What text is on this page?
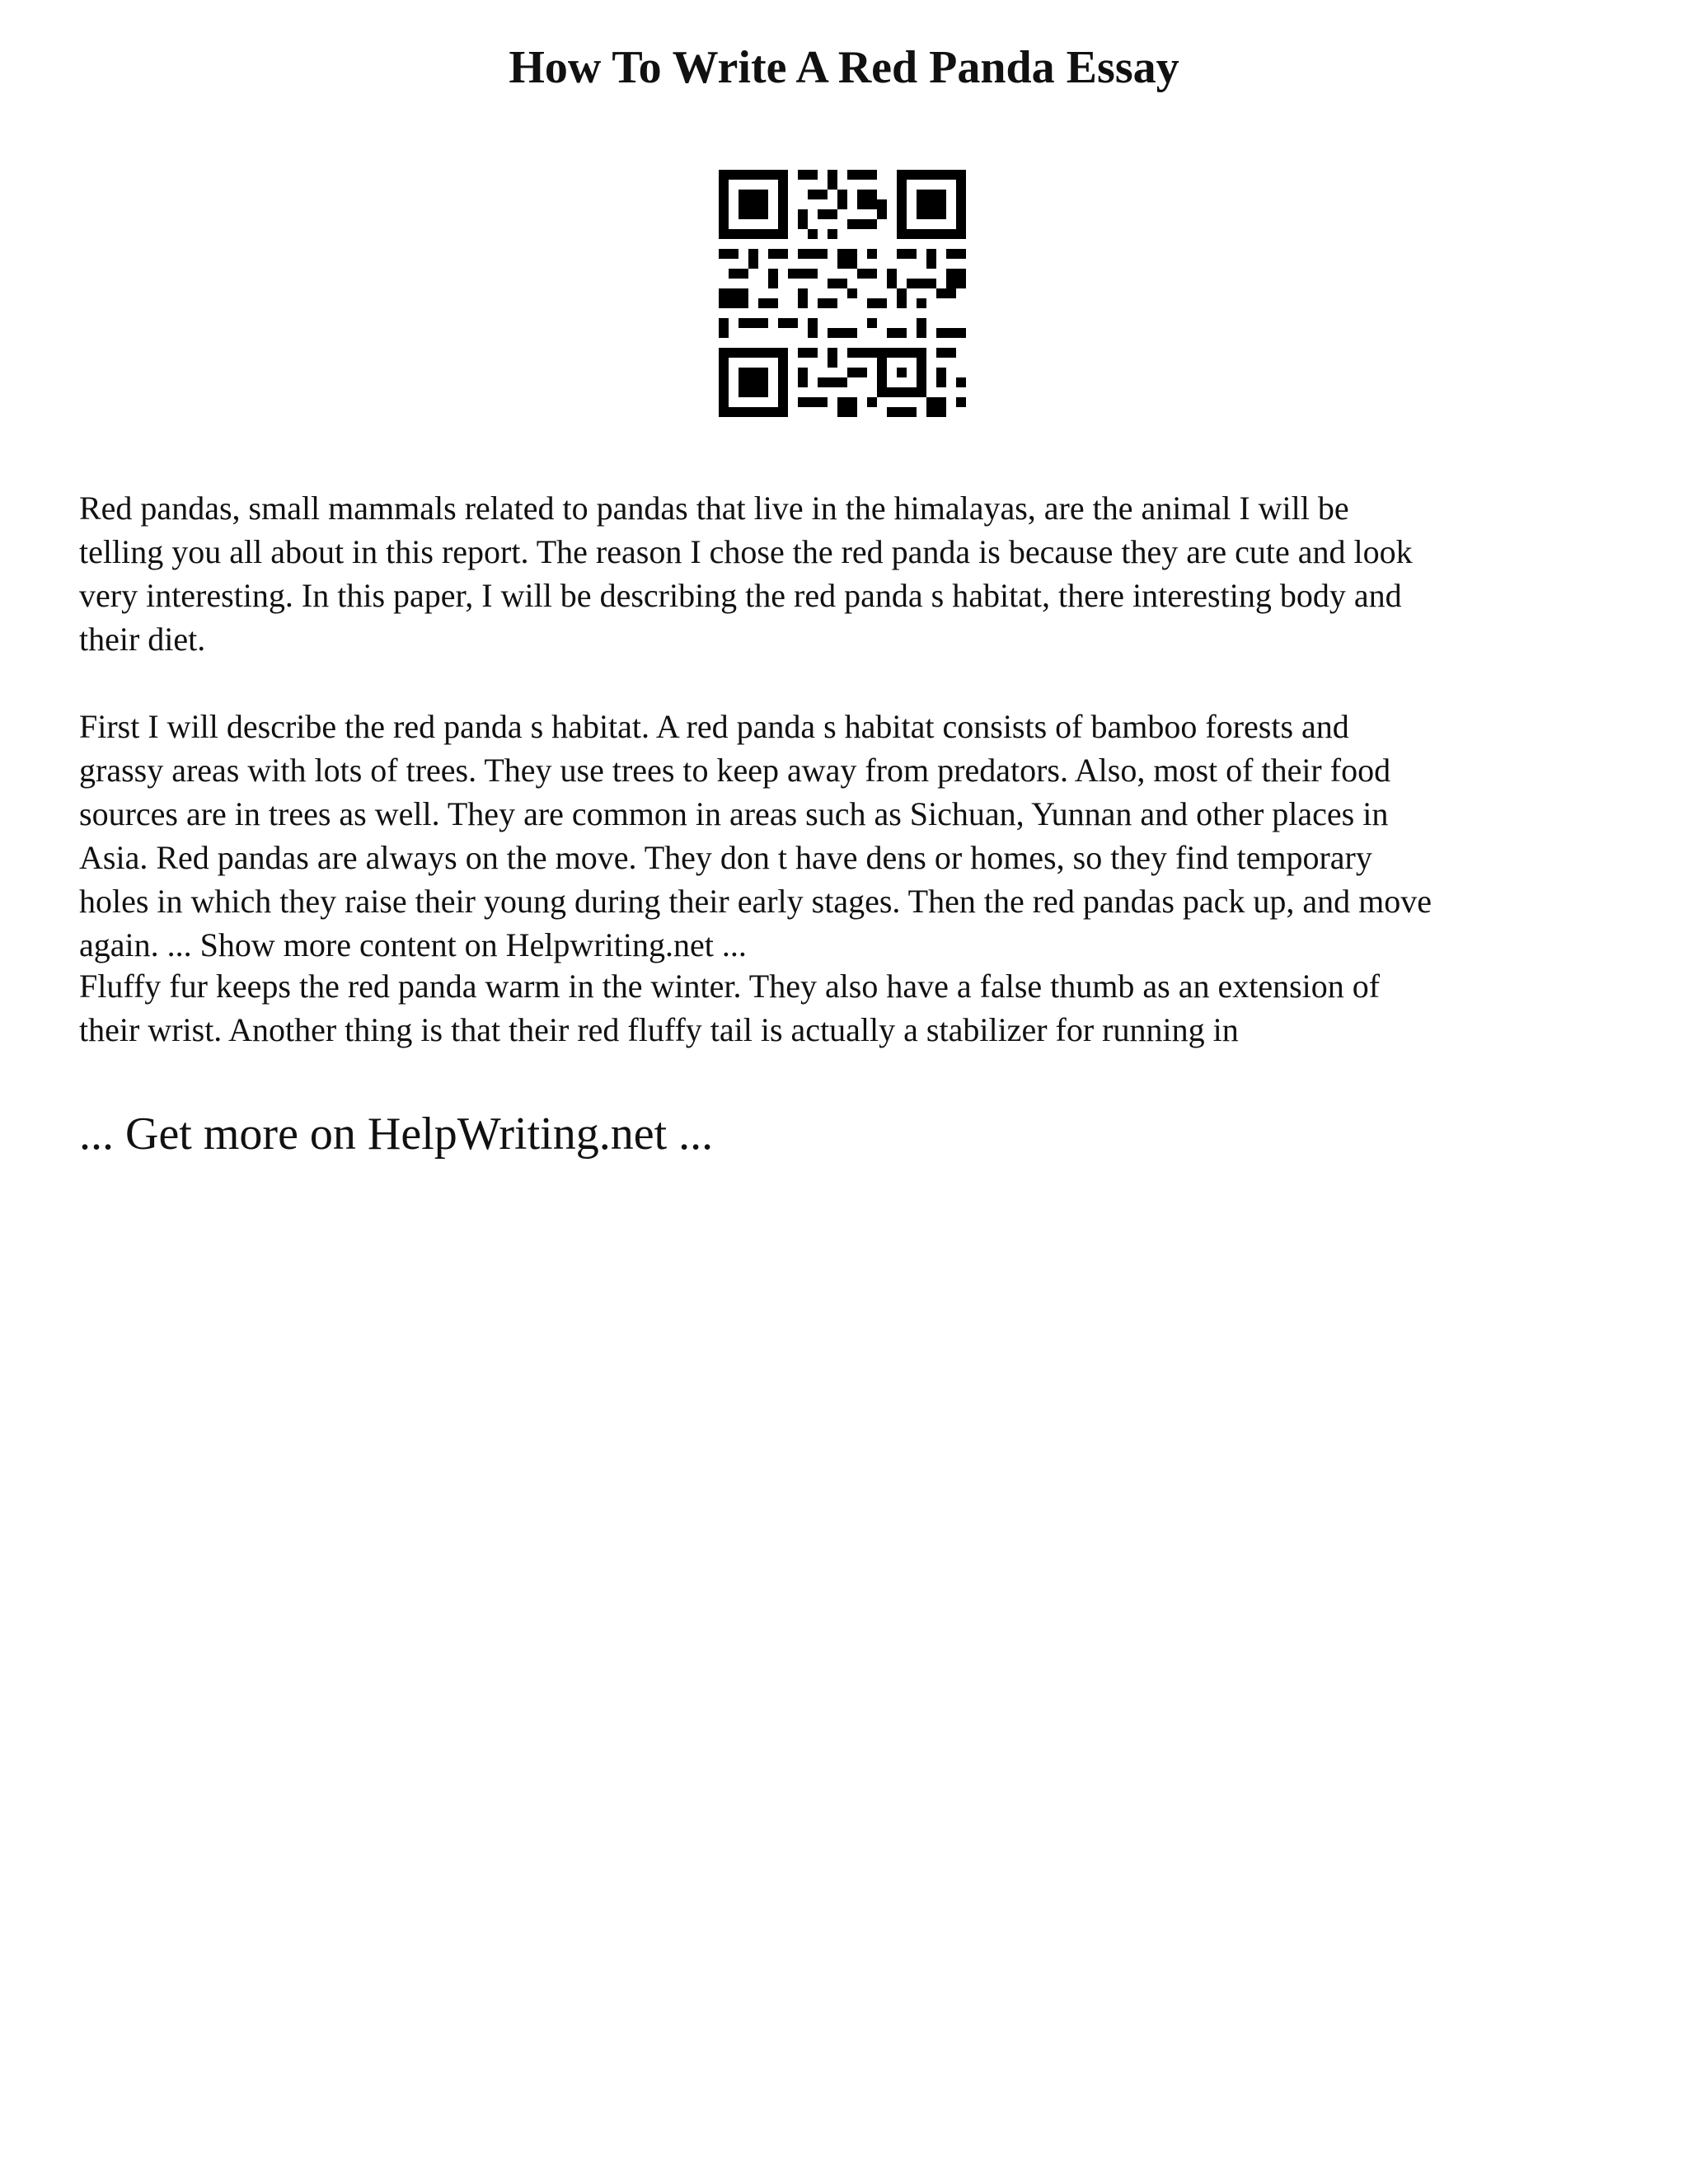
How To Write A Red Panda Essay

Red pandas, small mammals related to pandas that live in the himalayas, are the animal I will be
telling you all about in this report. The reason I chose the red panda is because they are cute and look
very interesting. In this paper, I will be describing the red panda s habitat, there interesting body and
their diet.

First I will describe the red panda s habitat. A red panda s habitat consists of bamboo forests and
grassy areas with lots of trees. They use trees to keep away from predators. Also, most of their food
sources are in trees as well. They are common in areas such as Sichuan, Yunnan and other places in
Asia. Red pandas are always on the move. They don t have dens or homes, so they find temporary
holes in which they raise their young during their early stages. Then the red pandas pack up, and move
again. ... Show more content on Helpwriting.net ...

Fluffy fur keeps the red panda warm in the winter. They also have a false thumb as an extension of
their wrist. Another thing is that their red fluffy tail is actually a stabilizer for running in

... Get more on HelpWriting.net ...
